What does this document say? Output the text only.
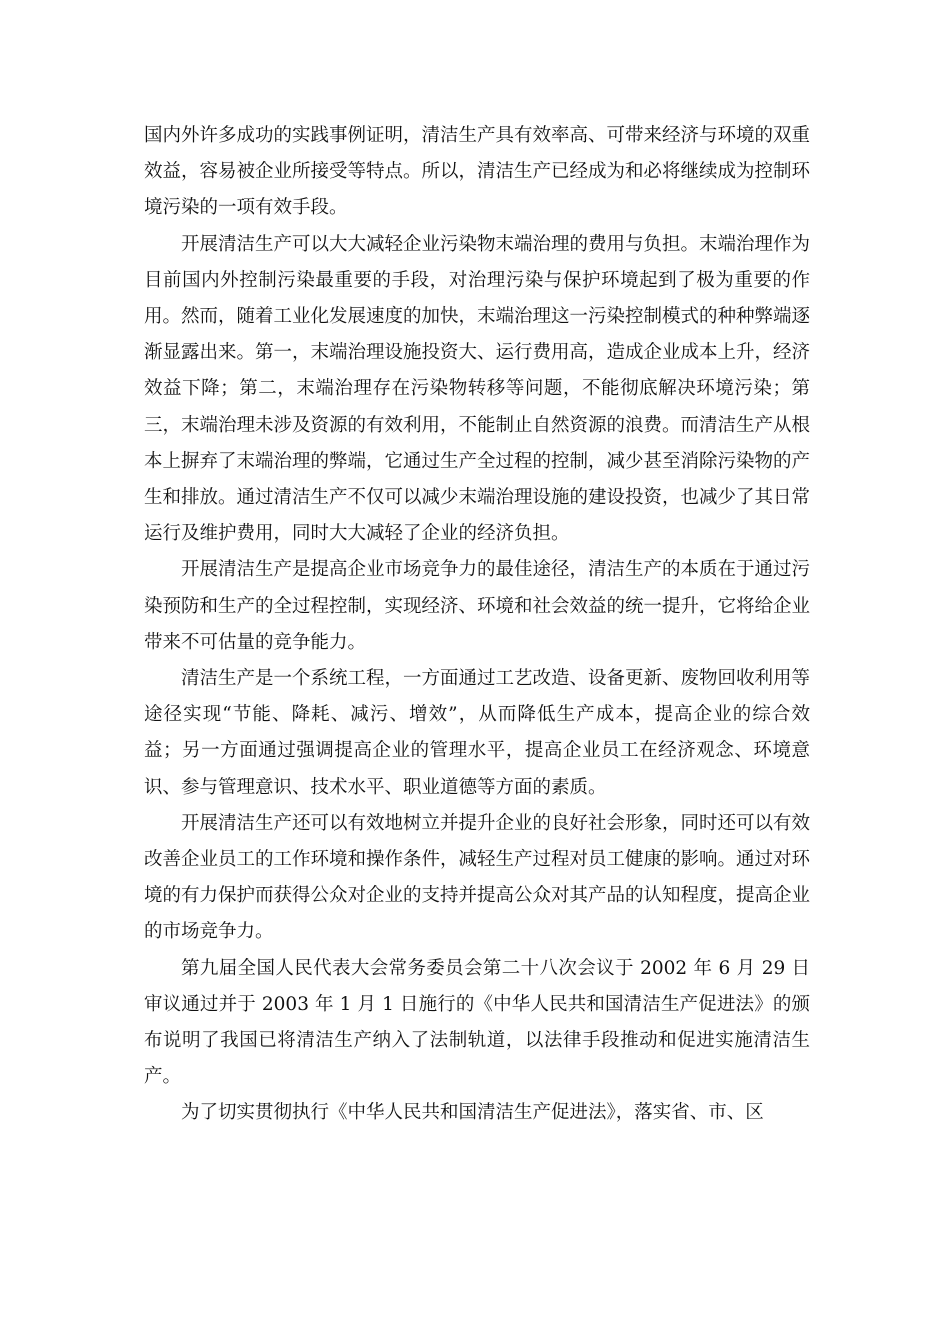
国内外许多成功的实践事例证明，清洁生产具有效率高、可带来经济与环境的双重效益，容易被企业所接受等特点。所以，清洁生产已经成为和必将继续成为控制环境污染的一项有效手段。

开展清洁生产可以大大减轻企业污染物末端治理的费用与负担。末端治理作为目前国内外控制污染最重要的手段，对治理污染与保护环境起到了极为重要的作用。然而，随着工业化发展速度的加快，末端治理这一污染控制模式的种种弊端逐渐显露出来。第一，末端治理设施投资大、运行费用高，造成企业成本上升，经济效益下降；第二，末端治理存在污染物转移等问题，不能彻底解决环境污染；第三，末端治理未涉及资源的有效利用，不能制止自然资源的浪费。而清洁生产从根本上摒弃了末端治理的弊端，它通过生产全过程的控制，减少甚至消除污染物的产生和排放。通过清洁生产不仅可以减少末端治理设施的建设投资，也减少了其日常运行及维护费用，同时大大减轻了企业的经济负担。

开展清洁生产是提高企业市场竞争力的最佳途径，清洁生产的本质在于通过污染预防和生产的全过程控制，实现经济、环境和社会效益的统一提升，它将给企业带来不可估量的竞争能力。

清洁生产是一个系统工程，一方面通过工艺改造、设备更新、废物回收利用等途径实现“节能、降耗、减污、增效”，从而降低生产成本，提高企业的综合效益；另一方面通过强调提高企业的管理水平，提高企业员工在经济观念、环境意识、参与管理意识、技术水平、职业道德等方面的素质。

开展清洁生产还可以有效地树立并提升企业的良好社会形象，同时还可以有效改善企业员工的工作环境和操作条件，减轻生产过程对员工健康的影响。通过对环境的有力保护而获得公众对企业的支持并提高公众对其产品的认知程度，提高企业的市场竞争力。

第九届全国人民代表大会常务委员会第二十八次会议于 2002 年 6 月 29 日审议通过并于 2003 年 1 月 1 日施行的《中华人民共和国清洁生产促进法》的颁布说明了我国已将清洁生产纳入了法制轨道，以法律手段推动和促进实施清洁生产。

为了切实贯彻执行《中华人民共和国清洁生产促进法》，落实省、市、区
